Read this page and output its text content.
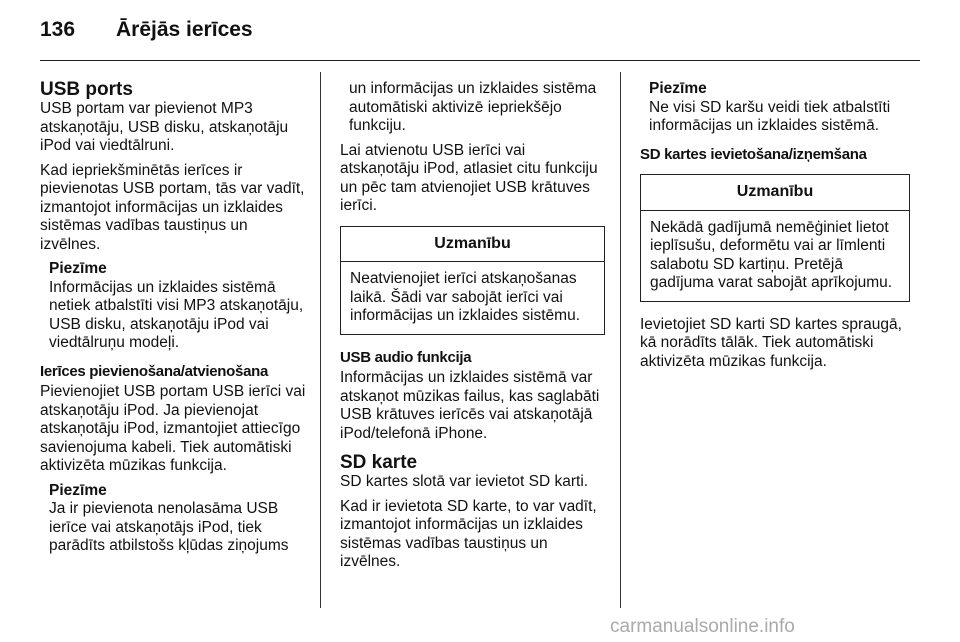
136 Ārējās ierīces
USB ports

USB portam var pievienot MP3 atskaņotāju, USB disku, atskaņotāju iPod vai viedtālruni.

Kad iepriekšminētās ierīces ir pievienotas USB portam, tās var vadīt, izmantojot informācijas un izklaides sistēmas vadības taustiņus un izvēlnes.

Piezīme
Informācijas un izklaides sistēmā netiek atbalstīti visi MP3 atskaņotāju, USB disku, atskaņotāju iPod vai viedtālruņu modeļi.
Ierīces pievienošana/atvienošana

Pievienojiet USB portam USB ierīci vai atskaņotāju iPod. Ja pievienojat atskaņotāju iPod, izmantojiet attiecīgo savienojuma kabeli. Tiek automātiski aktivizēta mūzikas funkcija.

Piezīme
Ja ir pievienota nenolasāma USB ierīce vai atskaņotājs iPod, tiek parādīts atbilstošs kļūdas ziņojums
un informācijas un izklaides sistēma automātiski aktivizē iepriekšējo funkciju.

Lai atvienotu USB ierīci vai atskaņotāju iPod, atlasiet citu funkciju un pēc tam atvienojiet USB krātuves ierīci.

Uzmanību
Neatvienojiet ierīci atskaņošanas laikā. Šādi var sabojāt ierīci vai informācijas un izklaides sistēmu.
USB audio funkcija

Informācijas un izklaides sistēmā var atskaņot mūzikas failus, kas saglabāti USB krātuves ierīcēs vai atskaņotājā iPod/telefonā iPhone.

SD karte

SD kartes slotā var ievietot SD karti.

Kad ir ievietota SD karte, to var vadīt, izmantojot informācijas un izklaides sistēmas vadības taustiņus un izvēlnes.

Piezīme
Ne visi SD karšu veidi tiek atbalstīti informācijas un izklaides sistēmā.
SD kartes ievietošana/izņemšana
Uzmanību
Nekādā gadījumā nemēģiniet lietot ieplīsušu, deformētu vai ar līmlenti salabotu SD kartiņu. Pretējā gadījuma varat sabojāt aprīkojumu.

Ievietojiet SD karti SD kartes spraugā, kā norādīts tālāk. Tiek automātiski aktivizēta mūzikas funkcija.

carmanualsonline.info
